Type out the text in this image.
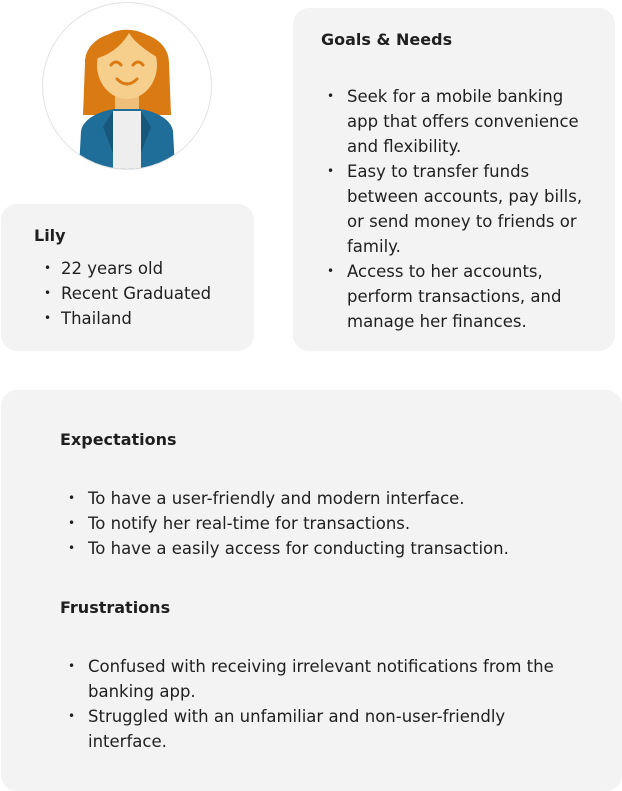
Lily
• 22 years old
• Recent Graduated
• Thailand
Goals & Needs
• Seek for a mobile banking app that offers convenience and flexibility.
• Easy to transfer funds between accounts, pay bills, or send money to friends or family.
• Access to her accounts, perform transactions, and manage her finances.
Expectations
• To have a user-friendly and modern interface.
• To notify her real-time for transactions.
• To have a easily access for conducting transaction.
Frustrations
• Confused with receiving irrelevant notifications from the banking app.
• Struggled with an unfamiliar and non-user-friendly interface.
